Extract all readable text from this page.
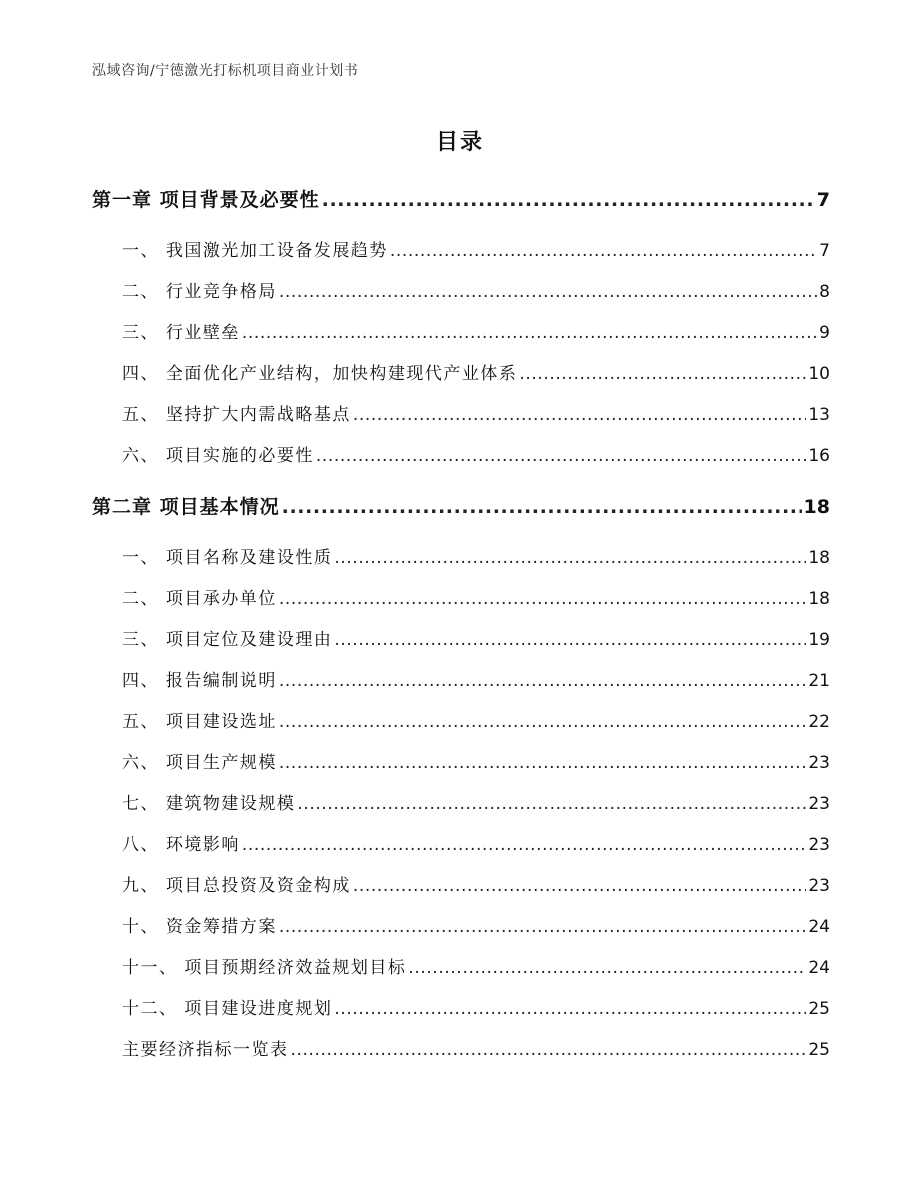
泓域咨询/宁德激光打标机项目商业计划书
目录
第一章 项目背景及必要性 .....	7
一、 我国激光加工设备发展趋势 .....	7
二、 行业竞争格局 .....	8
三、 行业壁垒 .....	9
四、 全面优化产业结构，加快构建现代产业体系 .....	10
五、 坚持扩大内需战略基点 .....	13
六、 项目实施的必要性 .....	16
第二章 项目基本情况 .....	18
一、 项目名称及建设性质 .....	18
二、 项目承办单位 .....	18
三、 项目定位及建设理由 .....	19
四、 报告编制说明 .....	21
五、 项目建设选址 .....	22
六、 项目生产规模 .....	23
七、 建筑物建设规模 .....	23
八、 环境影响 .....	23
九、 项目总投资及资金构成 .....	23
十、 资金筹措方案 .....	24
十一、 项目预期经济效益规划目标 .....	24
十二、 项目建设进度规划 .....	25
主要经济指标一览表 .....	25
